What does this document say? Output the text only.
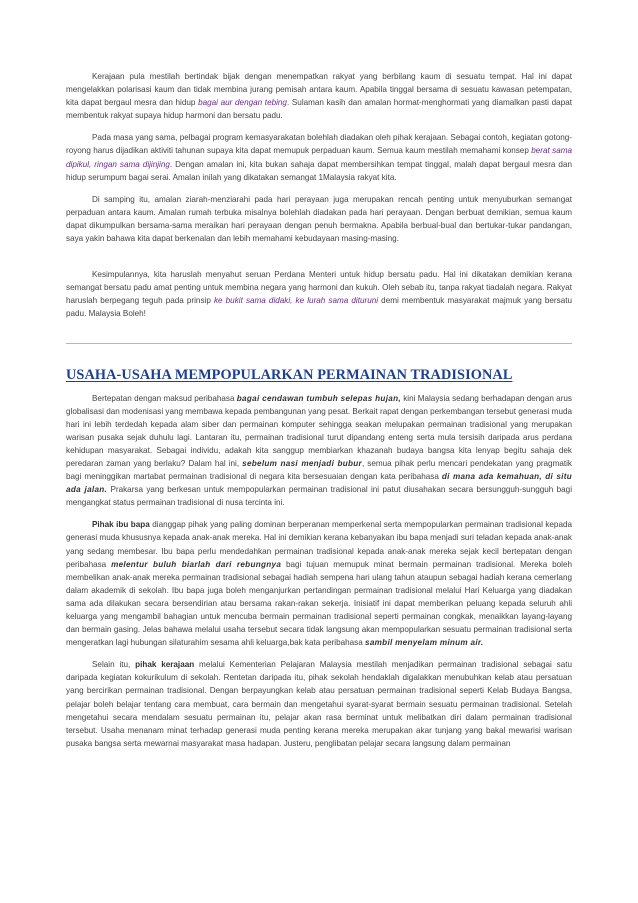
Kerajaan pula mestilah bertindak bijak dengan menempatkan rakyat yang berbilang kaum di sesuatu tempat. Hal ini dapat mengelakkan polarisasi kaum dan tidak membina jurang pemisah antara kaum. Apabila tinggal bersama di sesuatu kawasan petempatan, kita dapat bergaul mesra dan hidup bagai aur dengan tebing. Sulaman kasih dan amalan hormat-menghormati yang diamalkan pasti dapat membentuk rakyat supaya hidup harmoni dan bersatu padu.

Pada masa yang sama, pelbagai program kemasyarakatan bolehlah diadakan oleh pihak kerajaan. Sebagai contoh, kegiatan gotong-royong harus dijadikan aktiviti tahunan supaya kita dapat memupuk perpaduan kaum. Semua kaum mestilah memahami konsep berat sama dipikul, ringan sama dijinjing. Dengan amalan ini, kita bukan sahaja dapat membersihkan tempat tinggal, malah dapat bergaul mesra dan hidup serumpum bagai serai. Amalan inilah yang dikatakan semangat 1Malaysia rakyat kita.

Di samping itu, amalan ziarah-menziarahi pada hari perayaan juga merupakan rencah penting untuk menyuburkan semangat perpaduan antara kaum. Amalan rumah terbuka misalnya bolehlah diadakan pada hari perayaan. Dengan berbuat demikian, semua kaum dapat dikumpulkan bersama-sama meraikan hari perayaan dengan penuh bermakna. Apabila berbual-bual dan bertukar-tukar pandangan, saya yakin bahawa kita dapat berkenalan dan lebih memahami kebudayaan masing-masing.

Kesimpulannya, kita haruslah menyahut seruan Perdana Menteri untuk hidup bersatu padu. Hal ini dikatakan demikian kerana semangat bersatu padu amat penting untuk membina negara yang harmoni dan kukuh. Oleh sebab itu, tanpa rakyat tiadalah negara. Rakyat haruslah berpegang teguh pada prinsip ke bukit sama didaki, ke lurah sama dituruni demi membentuk masyarakat majmuk yang bersatu padu. Malaysia Boleh!

USAHA-USAHA MEMPOPULARKAN PERMAINAN TRADISIONAL

Bertepatan dengan maksud peribahasa bagai cendawan tumbuh selepas hujan, kini Malaysia sedang berhadapan dengan arus globalisasi dan modenisasi yang membawa kepada pembangunan yang pesat. Berkait rapat dengan perkembangan tersebut generasi muda hari ini lebih terdedah kepada alam siber dan permainan komputer sehingga seakan melupakan permainan tradisional yang merupakan warisan pusaka sejak duhulu lagi. Lantaran itu, permainan tradisional turut dipandang enteng serta mula tersisih daripada arus perdana kehidupan masyarakat. Sebagai individu, adakah kita sanggup membiarkan khazanah budaya bangsa kita lenyap begitu sahaja dek peredaran zaman yang berlaku? Dalam hal ini, sebelum nasi menjadi bubur, semua pihak perlu mencari pendekatan yang pragmatik bagi meninggikan martabat permainan tradisional di negara kita bersesuaian dengan kata peribahasa di mana ada kemahuan, di situ ada jalan. Prakarsa yang berkesan untuk mempopularkan permainan tradisional ini patut diusahakan secara bersungguh-sungguh bagi mengangkat status permainan tradisional di nusa tercinta ini.

Pihak ibu bapa dianggap pihak yang paling dominan berperanan memperkenal serta mempopularkan permainan tradisional kepada generasi muda khususnya kepada anak-anak mereka. Hal ini demikian kerana kebanyakan ibu bapa menjadi suri teladan kepada anak-anak yang sedang membesar. Ibu bapa perlu mendedahkan permainan tradisional kepada anak-anak mereka sejak kecil bertepatan dengan peribahasa melentur buluh biarlah dari rebungnya bagi tujuan memupuk minat bermain permainan tradisional. Mereka boleh membelikan anak-anak mereka permainan tradisional sebagai hadiah sempena hari ulang tahun ataupun sebagai hadiah kerana cemerlang dalam akademik di sekolah. Ibu bapa juga boleh menganjurkan pertandingan permainan tradisional melalui Hari Keluarga yang diadakan sama ada dilakukan secara bersendirian atau bersama rakan-rakan sekerja. Inisiatif ini dapat memberikan peluang kepada seluruh ahli keluarga yang mengambil bahagian untuk mencuba bermain permainan tradisional seperti permainan congkak, menaikkan layang-layang dan bermain gasing. Jelas bahawa melalui usaha tersebut secara tidak langsung akan mempopularkan sesuatu permainan tradisional serta mengeratkan lagi hubungan silaturahim sesama ahli keluarga,bak kata peribahasa sambil menyelam minum air.

Selain itu, pihak kerajaan melalui Kementerian Pelajaran Malaysia mestilah menjadikan permainan tradisional sebagai satu daripada kegiatan kokurikulum di sekolah. Rentetan daripada itu, pihak sekolah hendaklah digalakkan menubuhkan kelab atau persatuan yang bercirikan permainan tradisional. Dengan berpayungkan kelab atau persatuan permainan tradisional seperti Kelab Budaya Bangsa, pelajar boleh belajar tentang cara membuat, cara bermain dan mengetahui syarat-syarat bermain sesuatu permainan tradisional. Setelah mengetahui secara mendalam sesuatu permainan itu, pelajar akan rasa berminat untuk melibatkan diri dalam permainan tradisional tersebut. Usaha menanam minat terhadap generasi muda penting kerana mereka merupakan akar tunjang yang bakal mewarisi warisan pusaka bangsa serta mewarnai masyarakat masa hadapan. Justeru, penglibatan pelajar secara langsung dalam permainan
